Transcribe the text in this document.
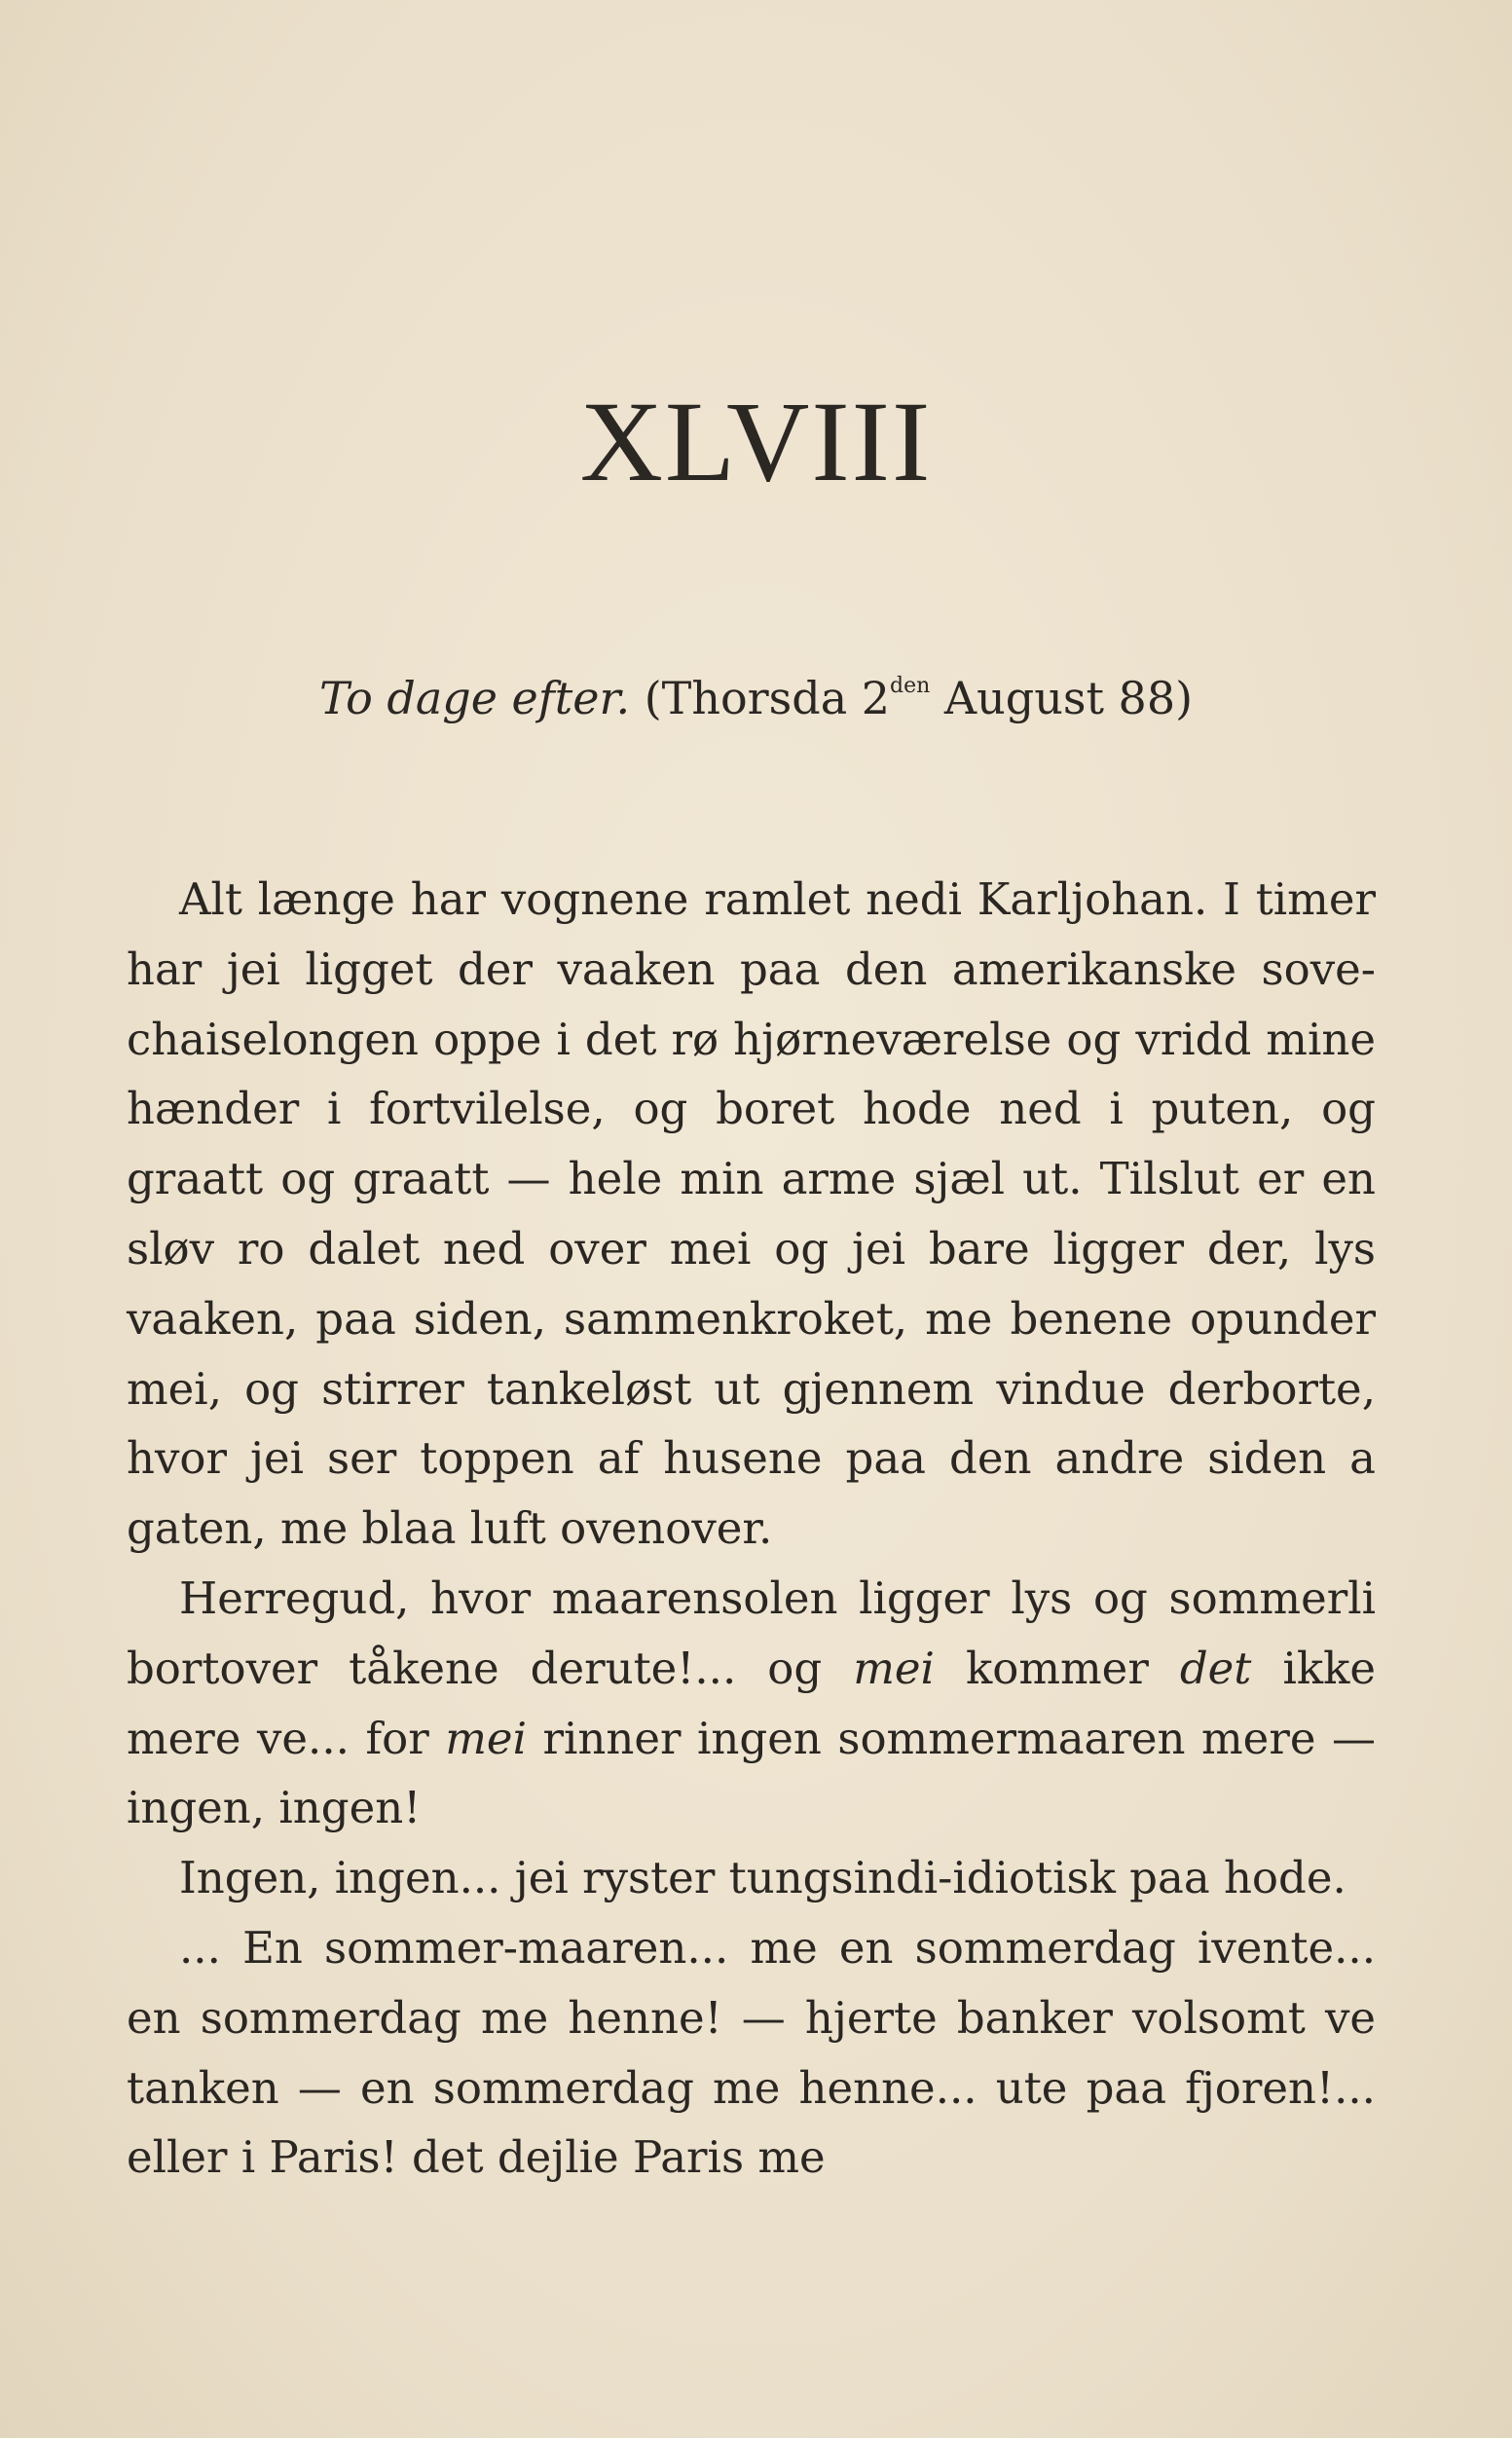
XLVIII
To dage efter. (Thorsda $2^{den}$ August 88)

Alt længe har vognene ramlet nedi Karljohan. I timer har jei ligget der vaaken paa den amerikanske sove-chaiselongen oppe i det rø hjørneværelse og vridd mine hænder i fortvilelse, og boret hode ned i puten, og graatt og graatt — hele min arme sjæl ut. Tilslut er en sløv ro dalet ned over mei og jei bare ligger der, lys vaaken, paa siden, sammenkroket, me benene opunder mei, og stirrer tankeløst ut gjennem vindue derborte, hvor jei ser toppen af husene paa den andre siden a gaten, me blaa luft ovenover.

Herregud, hvor maarensolen ligger lys og sommerli bortover tåkene derute!... og mei kommer det ikke mere ve... for mei rinner ingen sommermaaren mere — ingen, ingen!

Ingen, ingen... jei ryster tungsindi-idiotisk paa hode.

... En sommer-maaren... me en sommerdag ivente... en sommerdag me henne! — hjerte banker volsomt ve tanken — en sommerdag me henne... ute paa fjoren!... eller i Paris! det dejlie Paris me
